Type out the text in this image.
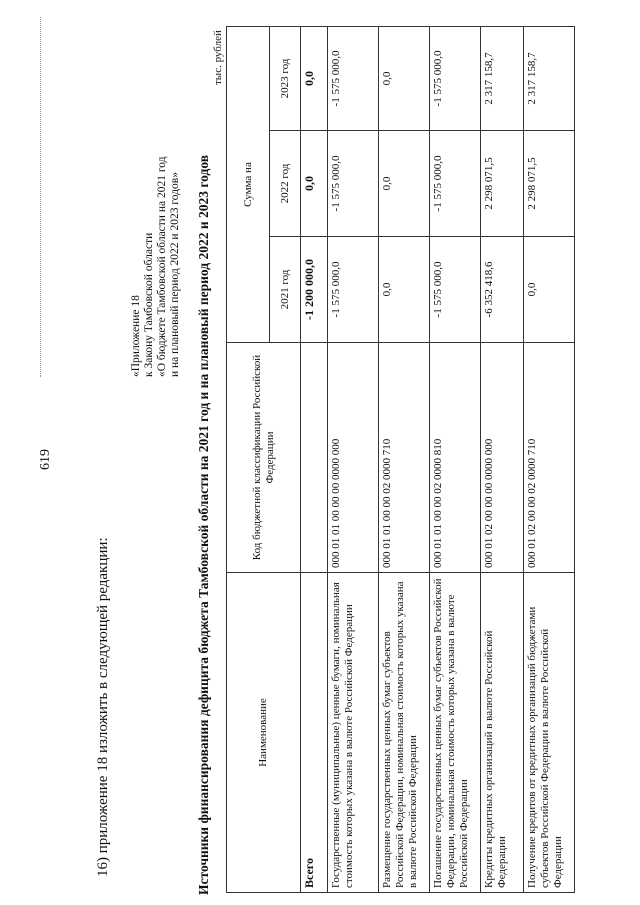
619
16) приложение 18 изложить в следующей редакции:
«Приложение 18 к Закону Тамбовской области «О бюджете Тамбовской области на 2021 год и на плановый период 2022 и 2023 годов» Источники финансирования дефицита бюджета Тамбовской области на 2021 год и на плановый период 2022 и 2023 годов
тыс. рублей
Наименование	Код бюджетной классификации Российской Федерации	Сумма на		
		2021 год	2022 год	2023 год
Всего		-1 200 000,0	0,0	0,0
Государственные (муниципальные) ценные бумаги, номинальная стоимость которых указана в валюте Российской Федерации	000 01 01 00 00 00 0000 000	-1 575 000,0	-1 575 000,0	-1 575 000,0
Размещение государственных ценных бумаг субъектов Российской Федерации, номинальная стоимость которых указана в валюте Российской Федерации	000 01 01 00 00 02 0000 710	0,0	0,0	0,0
Погашение государственных ценных бумаг субъектов Российской Федерации, номинальная стоимость которых указана в валюте Российской Федерации	000 01 01 00 00 02 0000 810	-1 575 000,0	-1 575 000,0	-1 575 000,0
Кредиты кредитных организаций в валюте Российской Федерации	000 01 02 00 00 00 0000 000	-6 352 418,6	2 298 071,5	2 317 158,7
Получение кредитов от кредитных организаций бюджетами субъектов Российской Федерации в валюте Российской Федерации	000 01 02 00 00 02 0000 710	0,0	2 298 071,5	2 317 158,7
